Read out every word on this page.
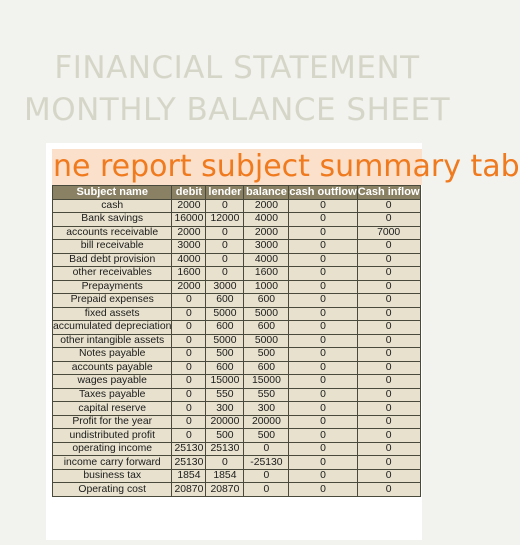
FINANCIAL STATEMENT
MONTHLY BALANCE SHEET
ne report subject summary tab
Subject name	debit	lender	balance	cash outflow	Cash inflow
cash	2000	0	2000	0	0
Bank savings	16000	12000	4000	0	0
accounts receivable	2000	0	2000	0	7000
bill receivable	3000	0	3000	0	0
Bad debt provision	4000	0	4000	0	0
other receivables	1600	0	1600	0	0
Prepayments	2000	3000	1000	0	0
Prepaid expenses	0	600	600	0	0
fixed assets	0	5000	5000	0	0
accumulated depreciation	0	600	600	0	0
other intangible assets	0	5000	5000	0	0
Notes payable	0	500	500	0	0
accounts payable	0	600	600	0	0
wages payable	0	15000	15000	0	0
Taxes payable	0	550	550	0	0
capital reserve	0	300	300	0	0
Profit for the year	0	20000	20000	0	0
undistributed profit	0	500	500	0	0
operating income	25130	25130	0	0	0
income carry forward	25130	0	-25130	0	0
business tax	1854	1854	0	0	0
Operating cost	20870	20870	0	0	0
